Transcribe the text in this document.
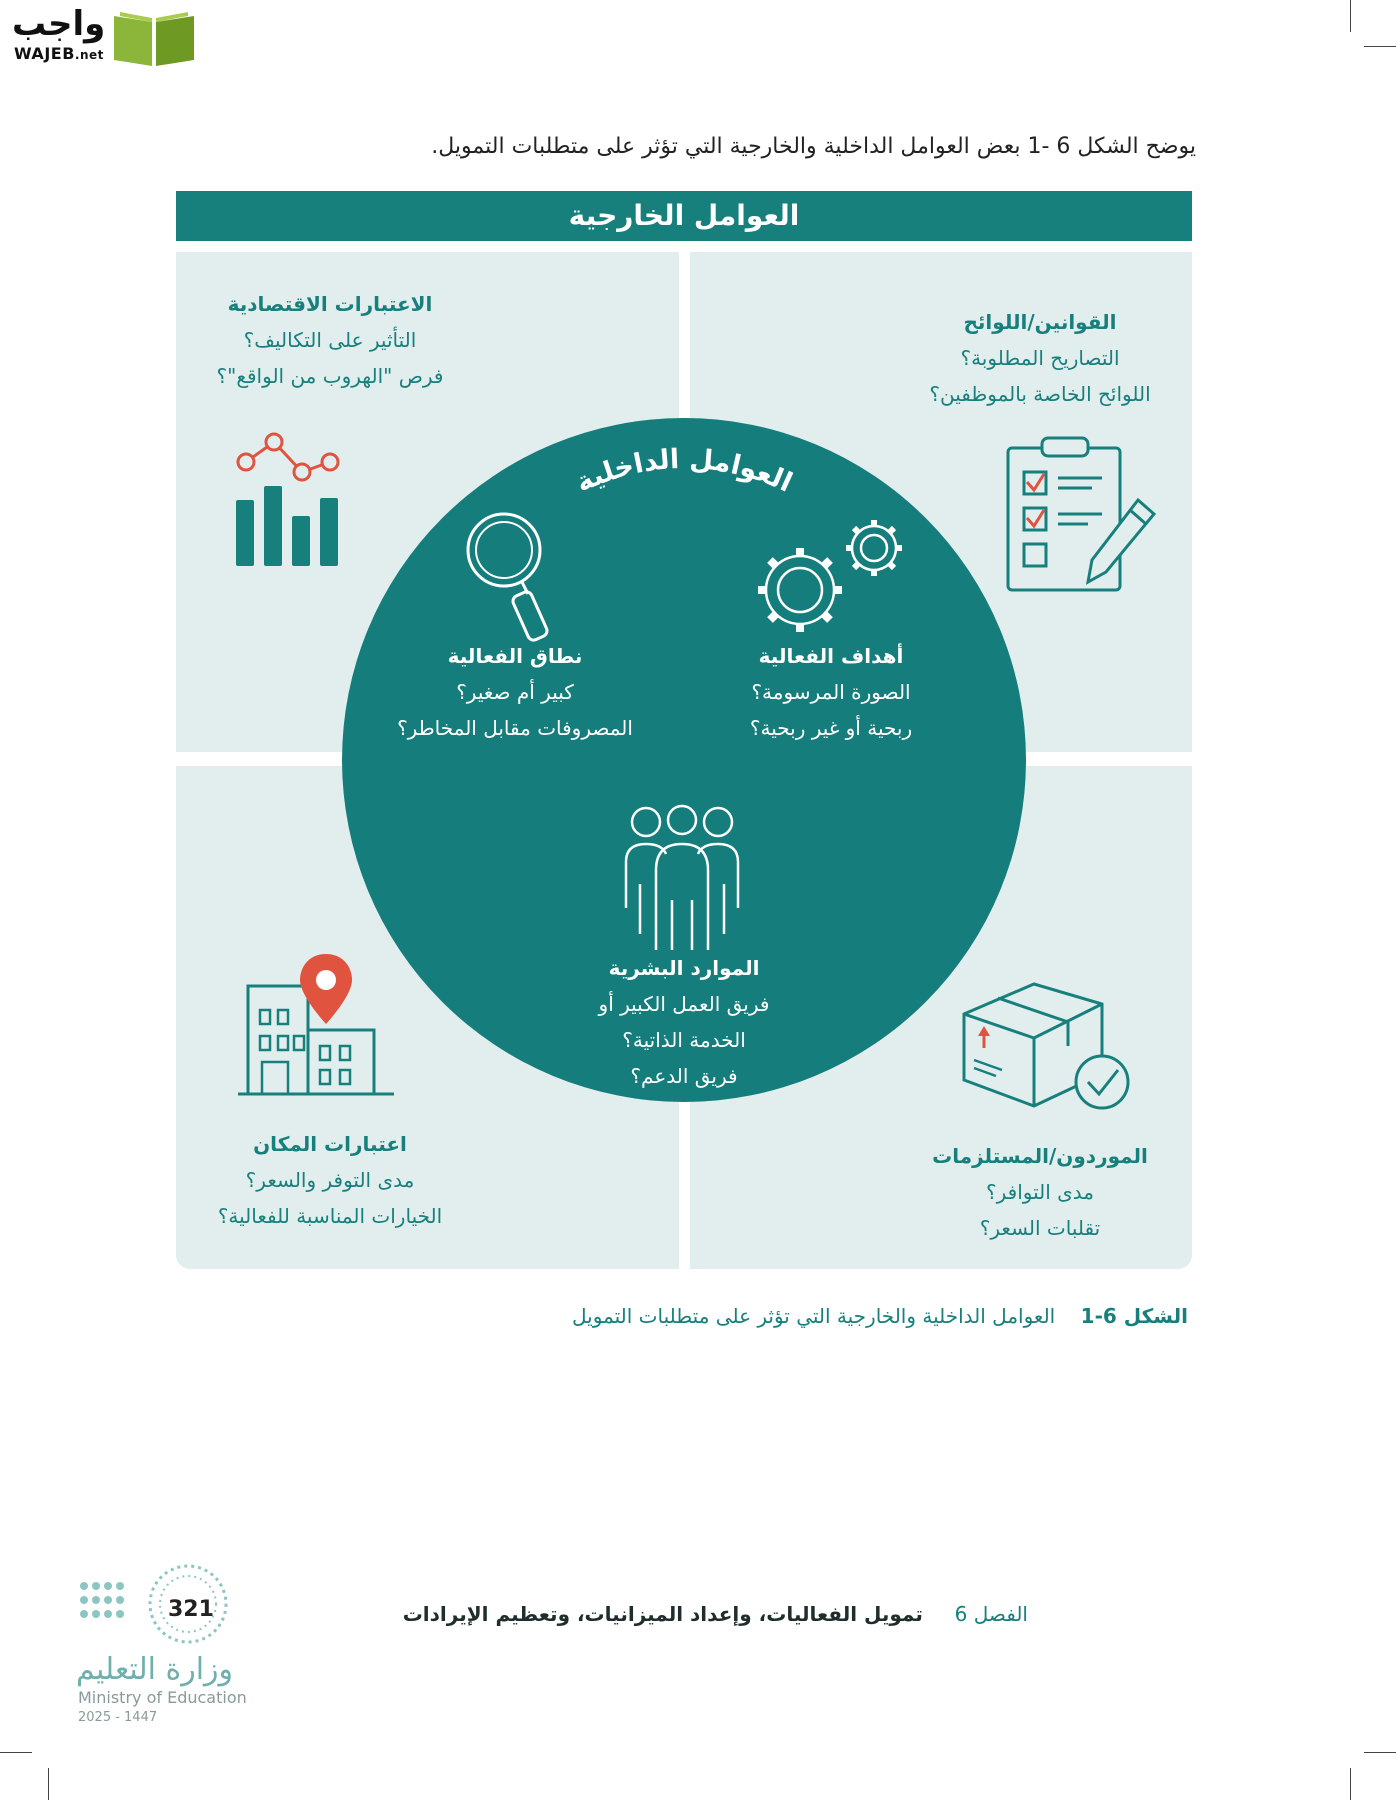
واجب
WAJEB.net
يوضح الشكل 6 -1 بعض العوامل الداخلية والخارجية التي تؤثر على متطلبات التمويل.
العوامل الخارجية
القوانين/اللوائح
التصاريح المطلوبة؟
اللوائح الخاصة بالموظفين؟
الاعتبارات الاقتصادية
التأثير على التكاليف؟
فرص "الهروب من الواقع"؟
اعتبارات المكان
مدى التوفر والسعر؟
الخيارات المناسبة للفعالية؟
الموردون/المستلزمات
مدى التوافر؟
تقلبات السعر؟
العوامل الداخلية
أهداف الفعالية
الصورة المرسومة؟
ربحية أو غير ربحية؟
نطاق الفعالية
كبير أم صغير؟
المصروفات مقابل المخاطر؟
الموارد البشرية
فريق العمل الكبير أو
الخدمة الذاتية؟
فريق الدعم؟
الشكل 6-1    العوامل الداخلية والخارجية التي تؤثر على متطلبات التمويل
الفصل 6     تمويل الفعاليات، وإعداد الميزانيات، وتعظيم الإيرادات
321
وزارة التعليم
Ministry of Education
2025 - 1447
